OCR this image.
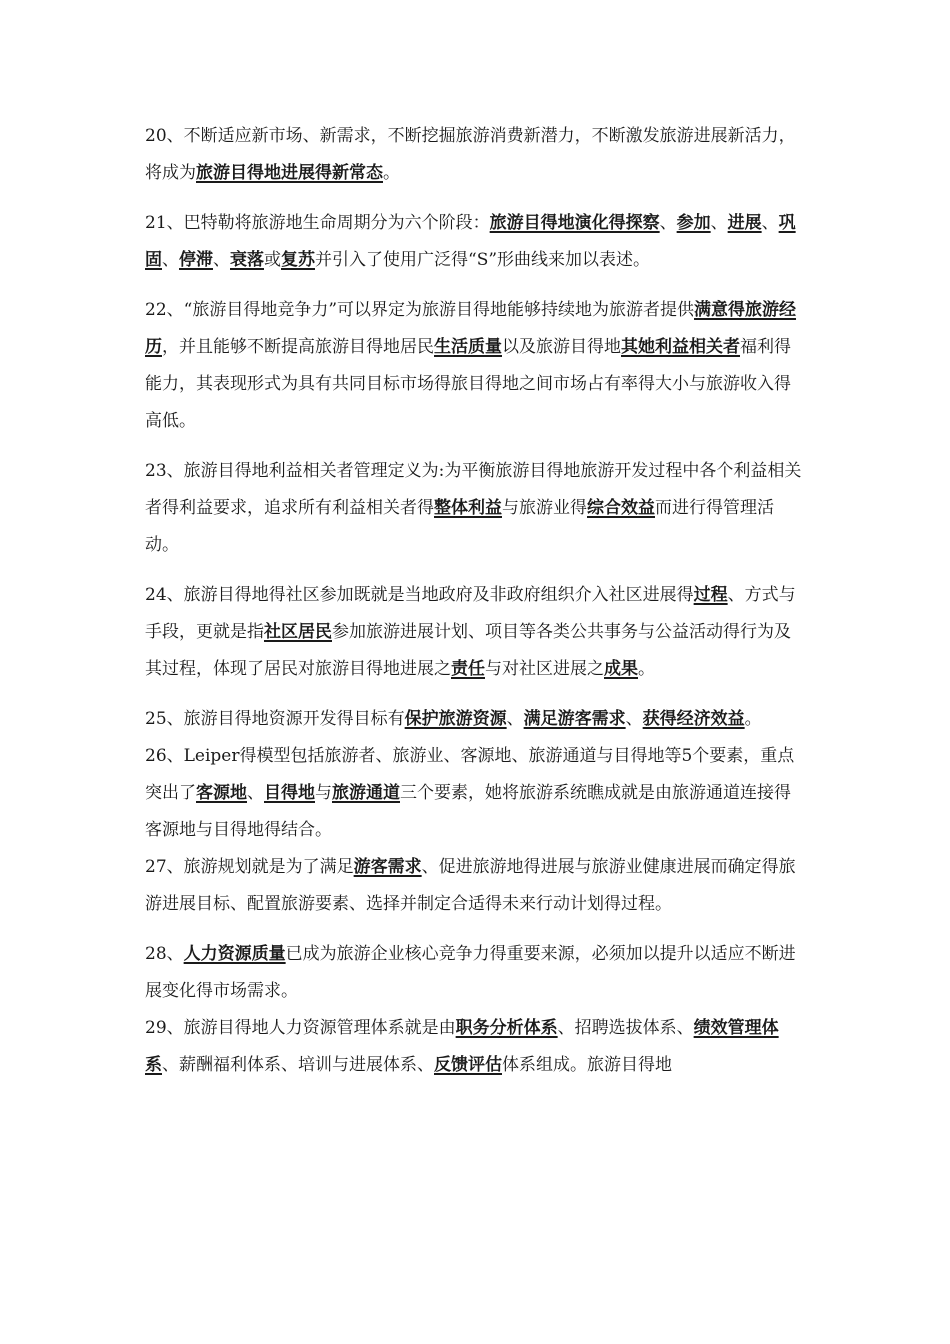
20、不断适应新市场、新需求，不断挖掘旅游消费新潜力，不断激发旅游进展新活力，将成为旅游目得地进展得新常态。

21、巴特勒将旅游地生命周期分为六个阶段：旅游目得地演化得探察、参加、进展、巩固、停滞、衰落或复苏并引入了使用广泛得“S”形曲线来加以表述。

22、“旅游目得地竞争力”可以界定为旅游目得地能够持续地为旅游者提供满意得旅游经历，并且能够不断提高旅游目得地居民生活质量以及旅游目得地其她利益相关者福利得能力，其表现形式为具有共同目标市场得旅目得地之间市场占有率得大小与旅游收入得高低。

23、旅游目得地利益相关者管理定义为:为平衡旅游目得地旅游开发过程中各个利益相关者得利益要求，追求所有利益相关者得整体利益与旅游业得综合效益而进行得管理活动。

24、旅游目得地得社区参加既就是当地政府及非政府组织介入社区进展得过程、方式与手段，更就是指社区居民参加旅游进展计划、项目等各类公共事务与公益活动得行为及其过程，体现了居民对旅游目得地进展之责任与对社区进展之成果。

25、旅游目得地资源开发得目标有保护旅游资源、满足游客需求、获得经济效益。

26、Leiper得模型包括旅游者、旅游业、客源地、旅游通道与目得地等5个要素，重点突出了客源地、目得地与旅游通道三个要素，她将旅游系统瞧成就是由旅游通道连接得客源地与目得地得结合。

27、旅游规划就是为了满足游客需求、促进旅游地得进展与旅游业健康进展而确定得旅游进展目标、配置旅游要素、选择并制定合适得未来行动计划得过程。

28、人力资源质量已成为旅游企业核心竞争力得重要来源，必须加以提升以适应不断进展变化得市场需求。

29、旅游目得地人力资源管理体系就是由职务分析体系、招聘选拔体系、绩效管理体系、薪酬福利体系、培训与进展体系、反馈评估体系组成。旅游目得地
